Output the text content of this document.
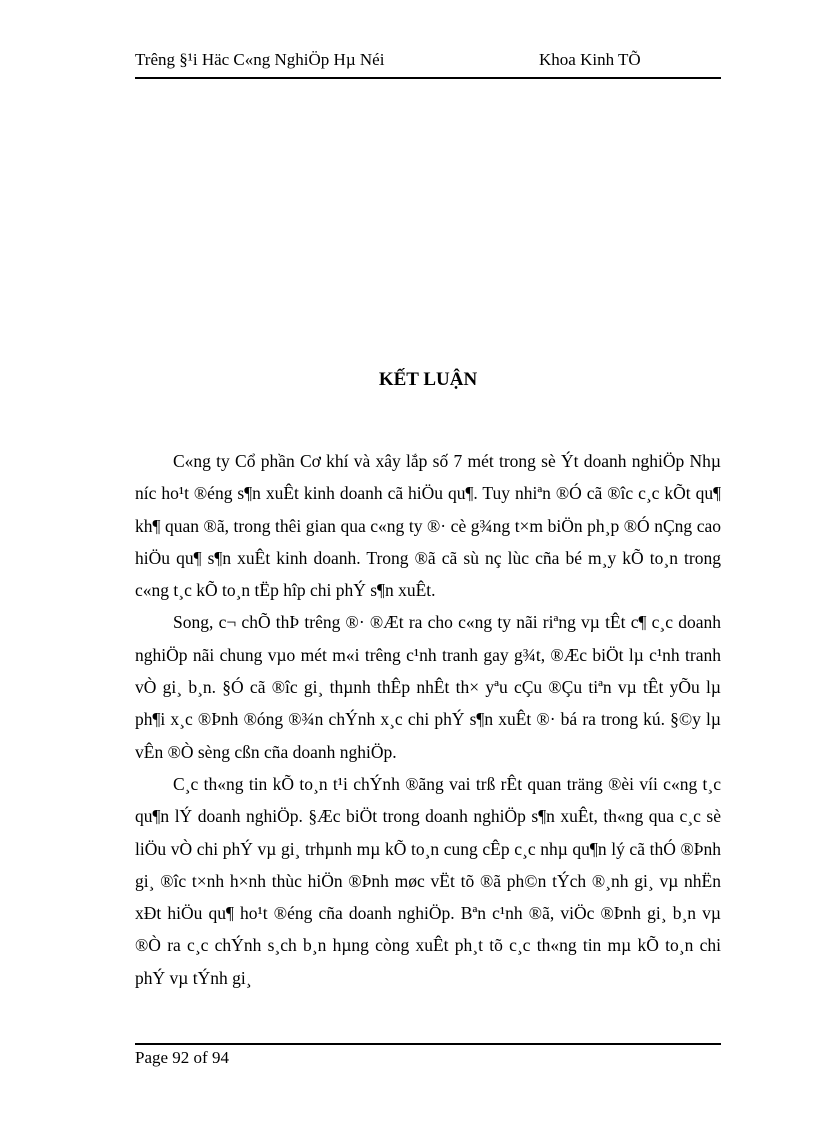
Trêng §¹i Häc C«ng NghiÖp Hµ Néi	Khoa Kinh TÕ
KẾT LUẬN

C«ng ty Cổ phần Cơ khí và xây lắp số 7 mét trong sè Ýt doanh nghiÖp Nhµ níc ho¹t ®éng s¶n xuÊt kinh doanh cã hiÖu qu¶. Tuy nhiªn ®Ó cã ®îc c¸c kÕt qu¶ kh¶ quan ®ã, trong thêi gian qua c«ng ty ®· cè g¾ng t×m biÖn ph¸p ®Ó nÇng cao hiÖu qu¶ s¶n xuÊt kinh doanh. Trong ®ã cã sù nç lùc cña bé m¸y kÕ to¸n trong c«ng t¸c kÕ to¸n tËp hîp chi phÝ s¶n xuÊt.

Song, c¬ chÕ thÞ trêng ®· ®Æt ra cho c«ng ty nãi riªng vµ tÊt c¶ c¸c doanh nghiÖp nãi chung vµo mét m«i trêng c¹nh tranh gay g¾t, ®Æc biÖt lµ c¹nh tranh vÒ gi¸ b¸n. §Ó cã ®îc gi¸ thµnh thÊp nhÊt th× yªu cÇu ®Çu tiªn vµ tÊt yÕu lµ ph¶i x¸c ®Þnh ®óng ®¾n chÝnh x¸c chi phÝ s¶n xuÊt ®· bá ra trong kú. §©y lµ vÊn ®Ò sèng cßn cña doanh nghiÖp.

C¸c th«ng tin kÕ to¸n t¹i chÝnh ®ãng vai trß rÊt quan träng ®èi víi c«ng t¸c qu¶n lÝ doanh nghiÖp. §Æc biÖt trong doanh nghiÖp s¶n xuÊt, th«ng qua c¸c sè liÖu vÒ chi phÝ vµ gi¸ trhµnh mµ kÕ to¸n cung cÊp c¸c nhµ qu¶n lý cã thÓ ®Þnh gi¸ ®îc t×nh h×nh thùc hiÖn ®Þnh møc vËt tõ ®ã ph©n tÝch ®¸nh gi¸ vµ nhËn xÐt hiÖu qu¶ ho¹t ®éng cña doanh nghiÖp. Bªn c¹nh ®ã, viÖc ®Þnh gi¸ b¸n vµ ®Ò ra c¸c chÝnh s¸ch b¸n hµng còng xuÊt ph¸t tõ c¸c th«ng tin mµ kÕ to¸n chi phÝ vµ tÝnh gi¸

Page 92 of 94
